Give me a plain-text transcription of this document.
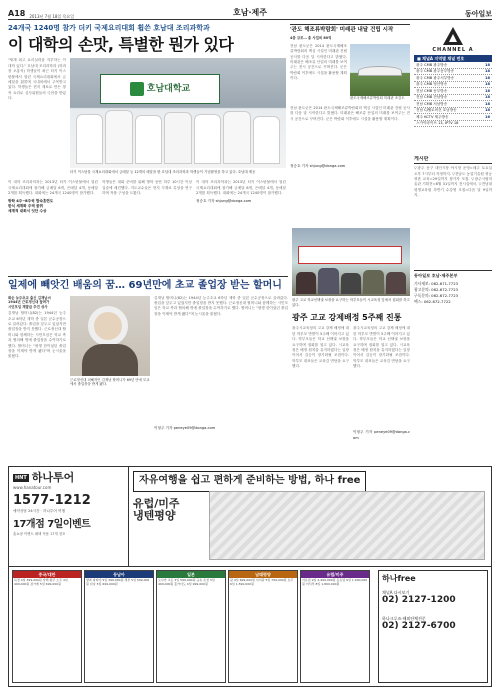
A18 2013년 7월 18일 목요일	호남·제주	동아일보
24개국 1240명 참가 더키 국제요리대회 휩쓴 호남대 조리과학과
이 대학의 손맛, 특별한 뭔가 있다

"세계 최고 요리실력을 자부하는 이 대학 있다." 호남대 조리과학과 (학과장 오홍석) 학생들이 최근 터키 이스탄불에서 열린 국제요리대회에서 금메달을 휩쓸며 국내외에서 주목받고 있다. 학생들은 현지 재료로 만든 창작 요리로 심사위원들의 극찬을 받았다.

호남대학교

터키 이스탄불 국제요리대회에서 금메달 등 12개의 메달을 딴 호남대 조리과학과 학생들이 기념촬영을 하고 있다. 호남대 제공

이 대학 조리과학과는 2013년 터키 이스탄불에서 열린 국제요리대회에 참가해 금메달 6개, 은메달 4개, 동메달 2개를 획득했다. 대회에는 24개국 1240명이 참가했다.

방학 4주∼8주씩 합숙훈련도

한식 세계화 주역 꿈꿔

세계적 대회서 잇단 수상

학생들은 대회 준비를 위해 방학 동안 하루 10시간 이상 실습에 매진했다. 지도교수들은 현지 식재료 특성을 연구하며 작품 구성을 도왔다.

이 대학 조리과학과는 2013년 터키 이스탄불에서 열린 국제요리대회에 참가해 금메달 6개, 은메달 4개, 동메달 2개를 획득했다. 대회에는 24개국 1240명이 참가했다.

정승호 기자 shjung@donga.com

'관도 해조류박람회' 미래관 내달 건립 시작
4층 규모… 총 사업비 80억

전남 완도군은 2014 완도국제해조류박람회의 핵심 시설인 미래관 건립 공사를 다음 달 시작한다고 밝혔다. 미래관은 해조류 산업의 미래를 보여주는 전시 공간으로 꾸며진다. 군은 박람회 이후에도 시설을 활용할 계획이다.

완도국제해조류박람회 미래관 조감도

전남 완도군은 2014 완도국제해조류박람회의 핵심 시설인 미래관 건립 공사를 다음 달 시작한다고 밝혔다. 미래관은 해조류 산업의 미래를 보여주는 전시 공간으로 꾸며진다. 군은 박람회 이후에도 시설을 활용할 계획이다.

정승호 기자 shjung@donga.com

CHANNEL A
■ 채널A 지역별 채널 번호
광주 CMB 광주방송	18
광주 CMB 광주동부방송	18
광주 CMB 광주서부방송	18
광주 CMB 영산방송	18
전남 CMB 동부방송	18
전남 CMB 전남방송	18
전남 CMB 서남방송	18
전남 CJ헬로비전 호남방송	18
제주 KCTV 제주방송	16
스카이라이프 13, IPTV 18
게시판

▽광주 동구 대인시장 야시장 운영=매주 토요일 오후 7시부터 자정까지. ▽전남도 농업기술원 귀농귀촌 교육=29일까지 참가자 모집. ▽광주시립미술관 기획전=8월 31일까지 전시실에서. ▽전남대 평생교육원 하반기 수강생 모집=다음 달 9일까지.

동아일보 호남·제주본부
기사제보: 062-671-7723
광고문의: 062-672-7723
구독문의: 062-672-7723
팩스: 062-672-7722
일제에 빼앗긴 배움의 꿈… 69년만에 초교 졸업장 받는 할머니

회순 능주초교 출신 김재남씨

1944년 근로정신대 끌려가

시민모임 재발급 추진 성사

김재남 할머니(82)는 1944년 능주초교 6학년 재학 중 일본 군수공장으로 끌려갔다. 졸업을 앞두고 있었지만 졸업장을 받지 못했다. 근로정신대 할머니와 함께하는 시민모임은 학교 측과 협의해 명예 졸업장을 수여하기로 했다. 할머니는 "평생 한이었던 졸업장을 이제야 받게 됐다"며 눈시울을 붉혔다.

근로정신대 피해자인 김재남 할머니가 69년 만에 모교에서 졸업장을 받게 됐다.

김재남 할머니(82)는 1944년 능주초교 6학년 재학 중 일본 군수공장으로 끌려갔다. 졸업을 앞두고 있었지만 졸업장을 받지 못했다. 근로정신대 할머니와 함께하는 시민모임은 학교 측과 협의해 명예 졸업장을 수여하기로 했다. 할머니는 "평생 한이었던 졸업장을 이제야 받게 됐다"며 눈시울을 붉혔다.

이형주 기자 peneye09@donga.com

광주 고교 학교선택권 보장을 요구하는 학부모들이 시교육청 앞에서 집회를 하고 있다.

광주 고교 강제배정 5주째 진통

광주시교육청의 고교 강제 배정에 대한 학부모 반발이 5주째 이어지고 있다. 학부모들은 학교 선택권 보장을 요구하며 집회를 열고 있다. 시교육청은 배정 원칙을 유지하겠다는 입장이어서 갈등이 장기화될 조짐이다. 학부모 대표들은 교육감 면담을 요구했다.

광주시교육청의 고교 강제 배정에 대한 학부모 반발이 5주째 이어지고 있다. 학부모들은 학교 선택권 보장을 요구하며 집회를 열고 있다. 시교육청은 배정 원칙을 유지하겠다는 입장이어서 갈등이 장기화될 조짐이다. 학부모 대표들은 교육감 면담을 요구했다.

이형주 기자 peneye09@donga.com

HNT 하나투어
www.hanatour.com
1577-1212
예약상담 24시간 · 하나투어 여행
17개점 7일이벤트
홈쇼핑 이벤트 혜택 적용 17개 점포
자유여행을 쉽고 편하게 준비하는 방법, 하나 free
유럽/미주 냉텐평양
중국/대만
북경 4일 399,000원 상해 항주 소주 4일 499,000원 장가계 5일 699,000원
동남아
방콕 파타야 5일 399,000원 세부 5일 599,000원 다낭 5일 699,000원
일본
오사카 교토 3일 599,000원 규슈 온천 3일 499,000원 홋카이도 4일 999,000원
남태평양
괌 4일 699,000원 사이판 5일 799,000원 호주 6일 1,590,000원
유럽/미주
서유럽 9일 2,490,000원 동유럽 9일 1,990,000원 미서부 8일 1,890,000원
하나free
채널A 다시보기
02) 2127-1200
하나크루즈·해외단체전문
02) 2127-6700
